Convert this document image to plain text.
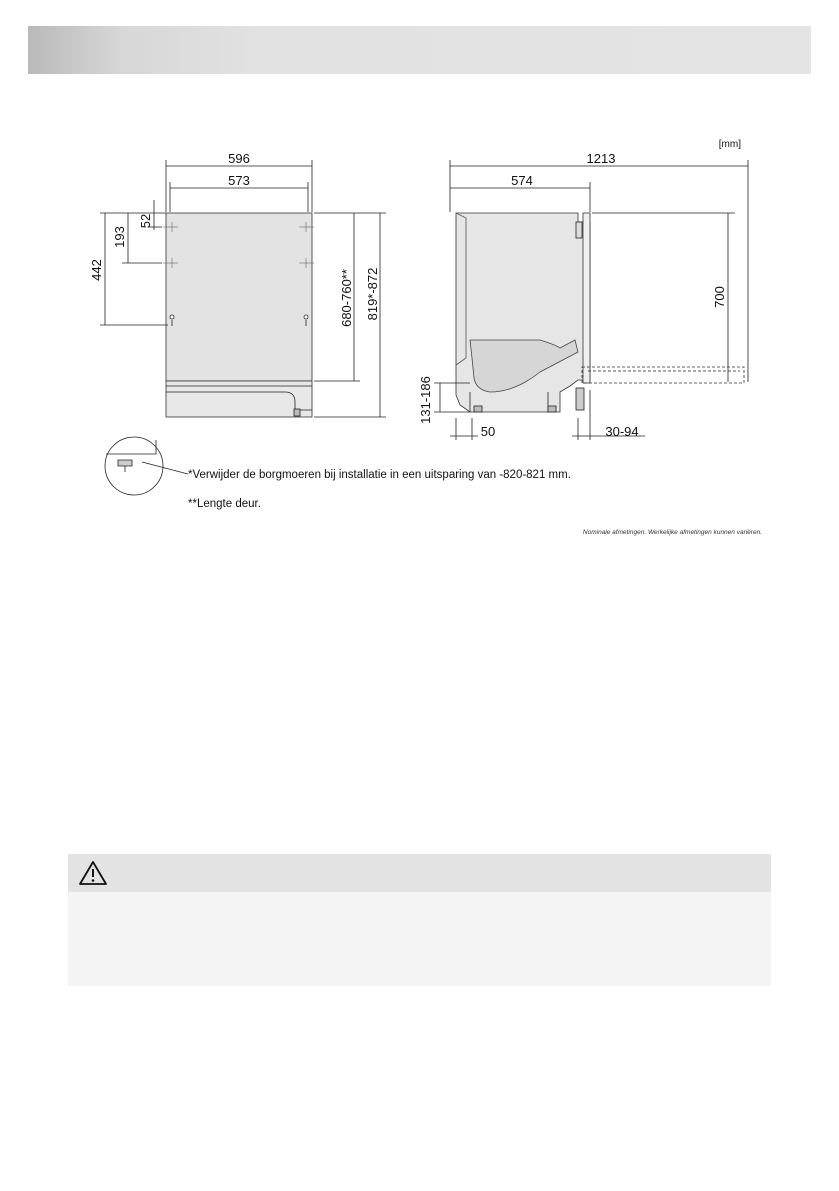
[mm]
596
573
52
193
442	680-760** 819*-872
1213
574
700
131-186
50	30-94
*Verwijder de borgmoeren bij installatie in een uitsparing van -820-821 mm.
**Lengte deur.
Nominale afmetingen. Werkelijke afmetingen kunnen variëren.
